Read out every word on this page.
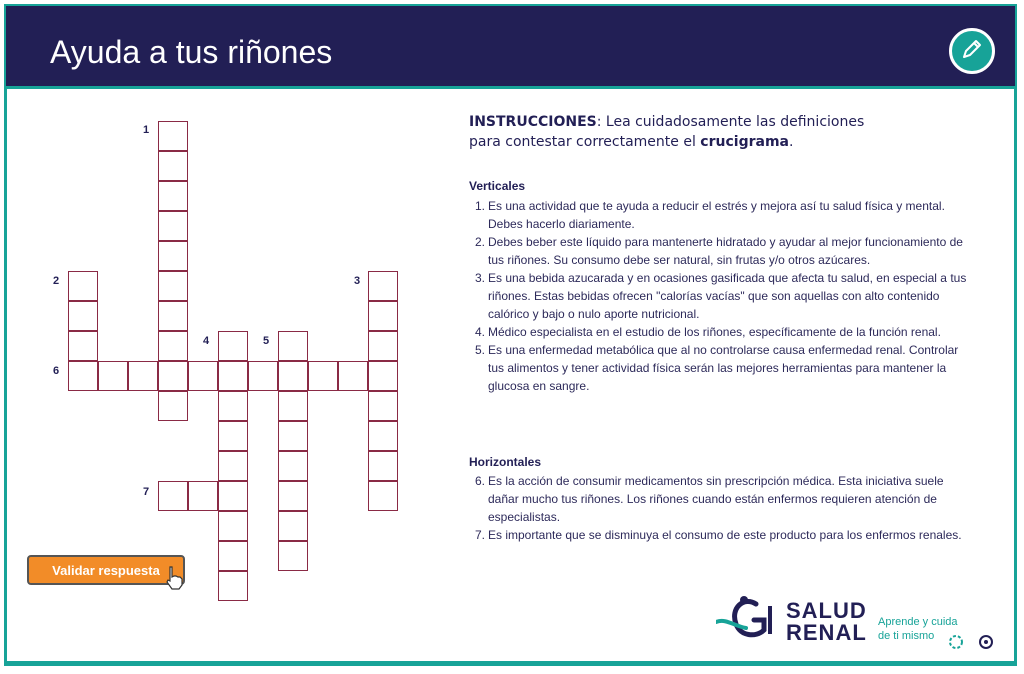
Ayuda a tus riñones
1
2	3
4	5
6
7
Validar respuesta
INSTRUCCIONES: Lea cuidadosamente las definiciones
para contestar correctamente el crucigrama.
Verticales
1. Es una actividad que te ayuda a reducir el estrés y mejora así tu salud física y mental. Debes hacerlo diariamente.
2. Debes beber este líquido para mantenerte hidratado y ayudar al mejor funcionamiento de tus riñones. Su consumo debe ser natural, sin frutas y/o otros azúcares.
3. Es una bebida azucarada y en ocasiones gasificada que afecta tu salud, en especial a tus riñones. Estas bebidas ofrecen "calorías vacías" que son aquellas con alto contenido calórico y bajo o nulo aporte nutricional.
4. Médico especialista en el estudio de los riñones, específicamente de la función renal.
5. Es una enfermedad metabólica que al no controlarse causa enfermedad renal. Controlar tus alimentos y tener actividad física serán las mejores herramientas para mantener la glucosa en sangre.
Horizontales
6. Es la acción de consumir medicamentos sin prescripción médica. Esta iniciativa suele dañar mucho tus riñones. Los riñones cuando están enfermos requieren atención de especialistas.
7. Es importante que se disminuya el consumo de este producto para los enfermos renales.
SALUD
RENAL Aprende y cuida
de ti mismo
